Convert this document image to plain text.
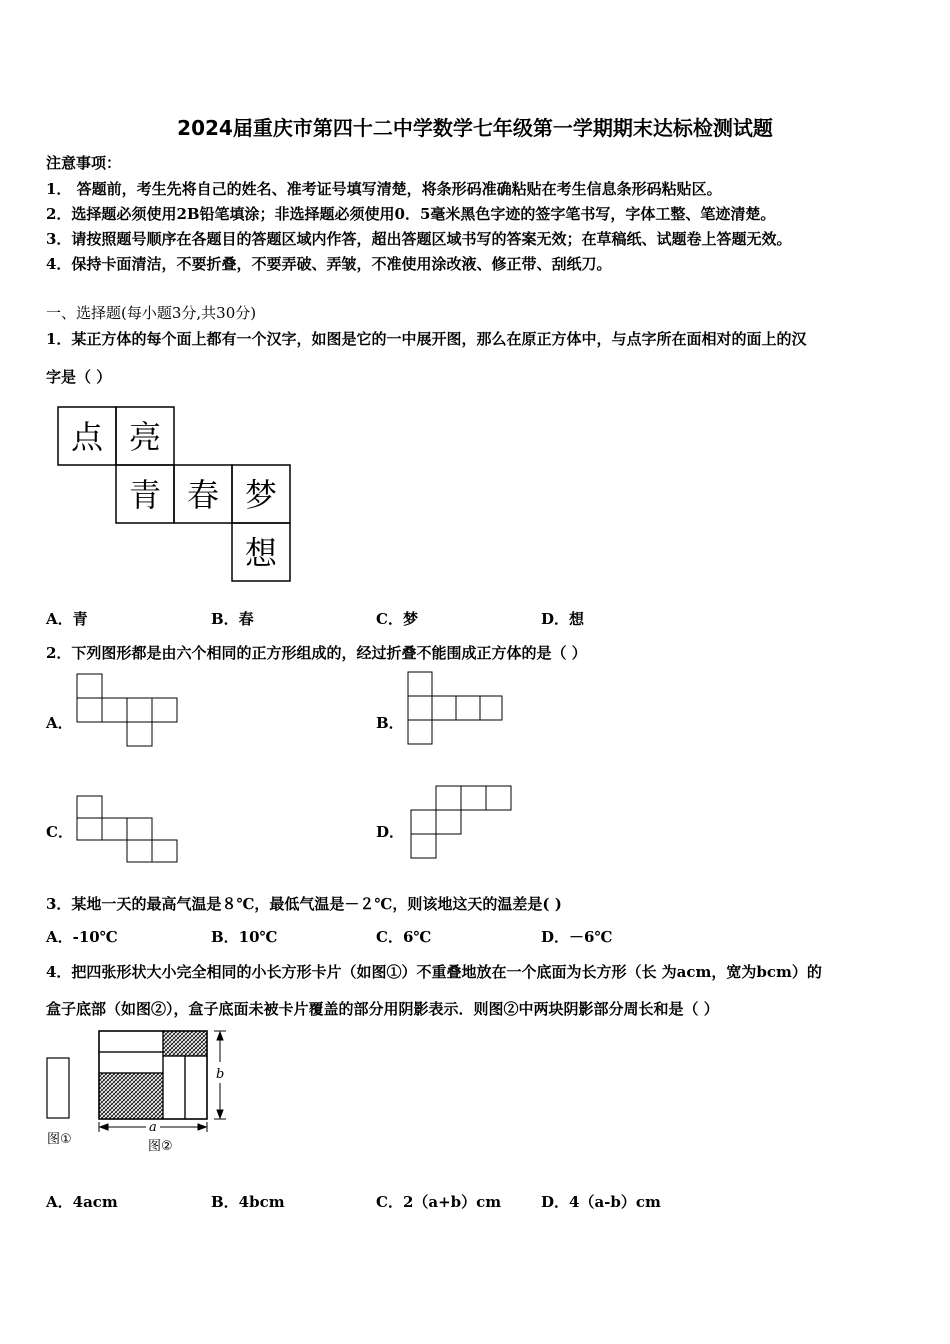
2024届重庆市第四十二中学数学七年级第一学期期末达标检测试题
注意事项：
1． 答题前，考生先将自己的姓名、准考证号填写清楚，将条形码准确粘贴在考生信息条形码粘贴区。
2．选择题必须使用2B铅笔填涂；非选择题必须使用0．5毫米黑色字迹的签字笔书写，字体工整、笔迹清楚。
3．请按照题号顺序在各题目的答题区域内作答，超出答题区域书写的答案无效；在草稿纸、试题卷上答题无效。
4．保持卡面清洁，不要折叠，不要弄破、弄皱，不准使用涂改液、修正带、刮纸刀。
一、选择题(每小题3分,共30分)
1．某正方体的每个面上都有一个汉字，如图是它的一中展开图，那么在原正方体中，与点字所在面相对的面上的汉
字是（ ）
点 亮
青 春 梦
想
A．青	B．春	C．梦	D．想
2．下列图形都是由六个相同的正方形组成的，经过折叠不能围成正方体的是（ ）
A．	B．
C．	D．
3．某地一天的最高气温是８℃，最低气温是－２℃，则该地这天的温差是( )
A．-10℃	B．10℃	C．6℃	D．－6℃
4．把四张形状大小完全相同的小长方形卡片（如图①）不重叠地放在一个底面为长方形（长 为acm，宽为bcm）的
盒子底部（如图②），盒子底面未被卡片覆盖的部分用阴影表示．则图②中两块阴影部分周长和是（ ）
图①
b
a
图②
A．4acm	B．4bcm	C．2（a+b）cm	D．4（a-b）cm
